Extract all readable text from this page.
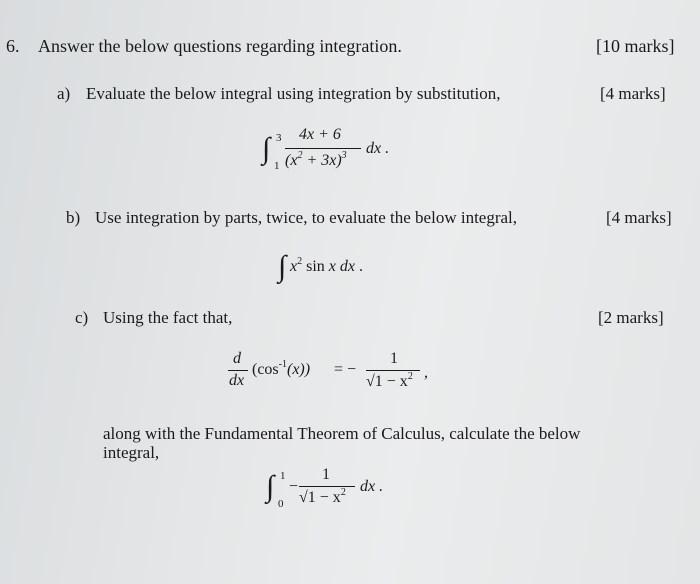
6. Answer the below questions regarding integration.	[10 marks]
a) Evaluate the below integral using integration by substitution,	[4 marks]
∫ 3
1
4x + 6
$(x^2 + 3x)^3$ dx .
b) Use integration by parts, twice, to evaluate the below integral,	[4 marks]
∫ $x^2$ sin x dx .
c) Using the fact that,	[2 marks]
d
dx
$(\cos^{-1}(x))$ = −
1
$√1 - x^2$ ,
along with the Fundamental Theorem of Calculus, calculate the below
integral,
∫ 1
0
−
1
$√1 - x^2$ dx .
